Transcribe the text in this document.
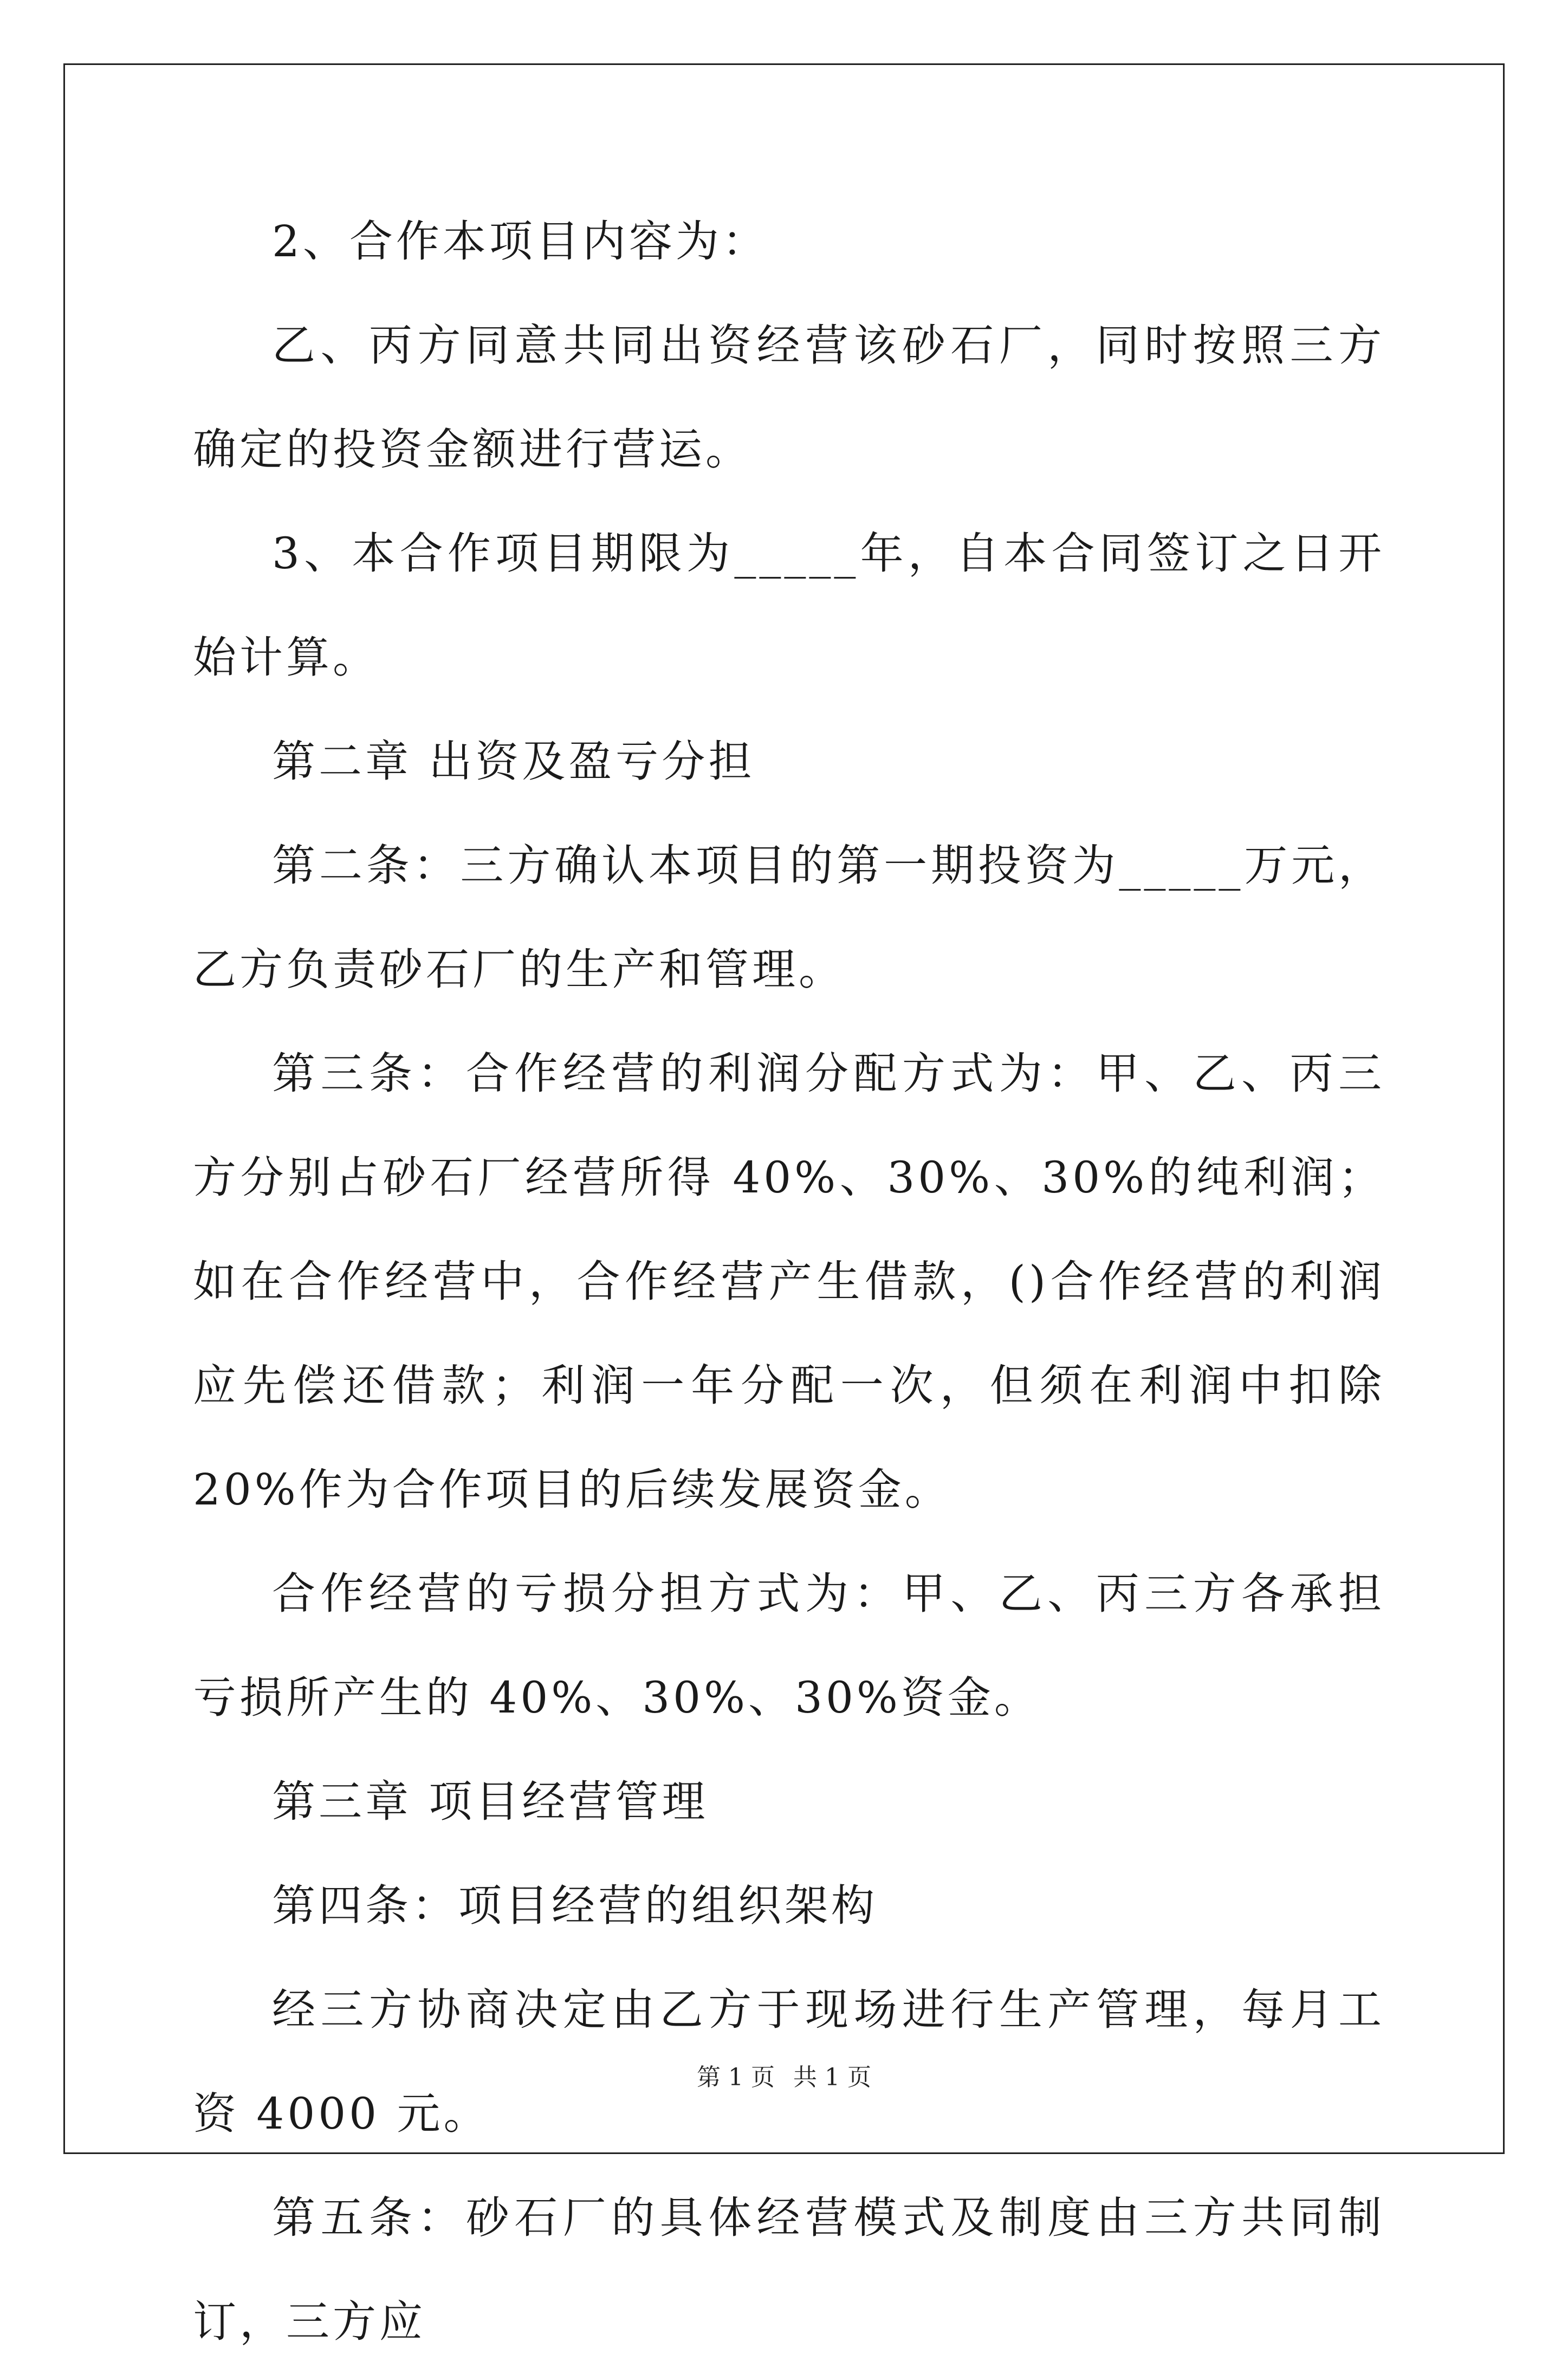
2、合作本项目内容为：

乙、丙方同意共同出资经营该砂石厂，同时按照三方确定的投资金额进行营运。

3、本合作项目期限为_____年，自本合同签订之日开始计算。

第二章 出资及盈亏分担

第二条：三方确认本项目的第一期投资为_____万元，乙方负责砂石厂的生产和管理。

第三条：合作经营的利润分配方式为：甲、乙、丙三方分别占砂石厂经营所得 40%、30%、30%的纯利润；如在合作经营中，合作经营产生借款，()合作经营的利润应先偿还借款；利润一年分配一次，但须在利润中扣除 20%作为合作项目的后续发展资金。

合作经营的亏损分担方式为：甲、乙、丙三方各承担亏损所产生的 40%、30%、30%资金。

第三章 项目经营管理

第四条：项目经营的组织架构

经三方协商决定由乙方于现场进行生产管理，每月工资 4000 元。

第五条：砂石厂的具体经营模式及制度由三方共同制订，三方应

第 1 页 共 1 页
